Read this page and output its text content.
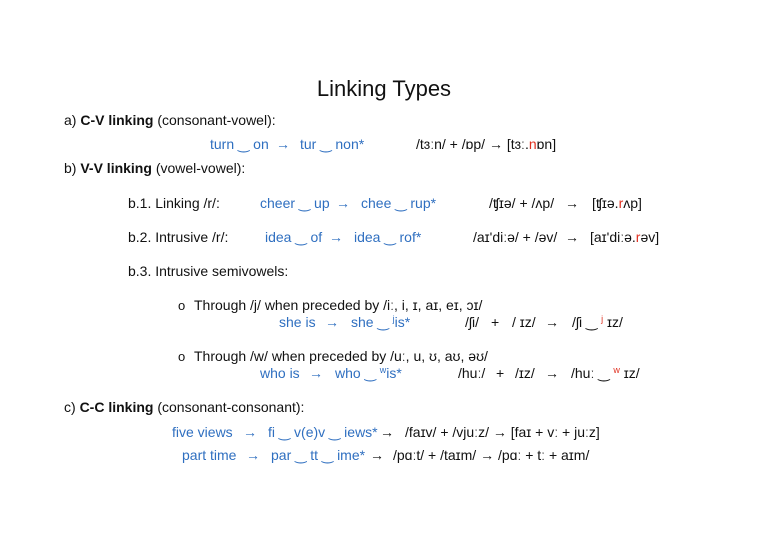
Linking Types
a) C-V linking (consonant-vowel):
turn ‿ on → tur ‿ non*	/tɜːn/ + /ɒp/ → [tɜː.nɒn]
b) V-V linking (vowel-vowel):
b.1. Linking /r/:	cheer ‿ up → chee ‿ rup*	/ʧɪə/ + /ʌp/ → [ʧɪə.rʌp]
b.2. Intrusive /r/:	idea ‿ of → idea ‿ rof*	/aɪ'diːə/ + /əv/ → [aɪ'diːə.rəv]
b.3. Intrusive semivowels:
o Through /j/ when preceded by /iː, i, ɪ, aɪ, eɪ, ɔɪ/
she is → she ‿ $^j$is*	/ʃi/ + / ɪz/ → /ʃi ‿ $^j$ ɪz/
o Through /w/ when preceded by /uː, u, ʊ, aʊ, əʊ/
who is → who ‿ $^w$is*	/huː/ + /ɪz/ → /huː ‿ $^w$ ɪz/
c) C-C linking (consonant-consonant):
five views → fi ‿ v(e)v ‿ iews* → /faɪv/ + /vjuːz/ → [faɪ + vː + juːz]
part time → par ‿ tt ‿ ime* → /pɑːt/ + /taɪm/ → /pɑː + tː + aɪm/
